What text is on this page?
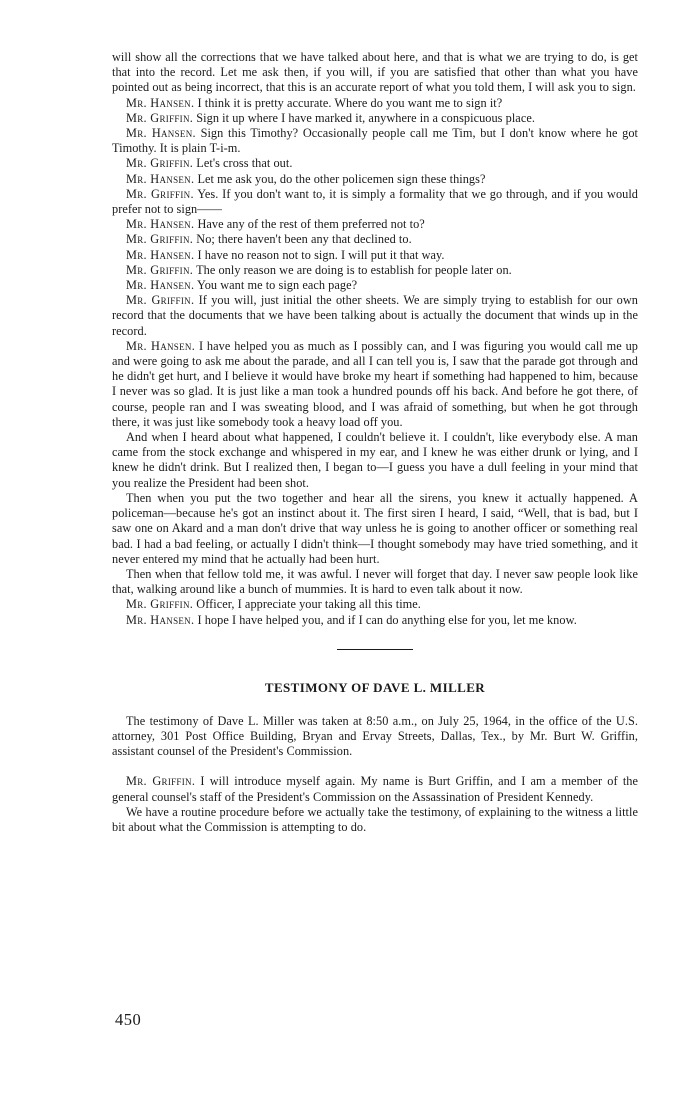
will show all the corrections that we have talked about here, and that is what we are trying to do, is get that into the record. Let me ask then, if you will, if you are satisfied that other than what you have pointed out as being incorrect, that this is an accurate report of what you told them, I will ask you to sign.

Mr. Hansen. I think it is pretty accurate. Where do you want me to sign it?

Mr. Griffin. Sign it up where I have marked it, anywhere in a conspicuous place.

Mr. Hansen. Sign this Timothy? Occasionally people call me Tim, but I don't know where he got Timothy. It is plain T-i-m.

Mr. Griffin. Let's cross that out.

Mr. Hansen. Let me ask you, do the other policemen sign these things?

Mr. Griffin. Yes. If you don't want to, it is simply a formality that we go through, and if you would prefer not to sign——

Mr. Hansen. Have any of the rest of them preferred not to?

Mr. Griffin. No; there haven't been any that declined to.

Mr. Hansen. I have no reason not to sign. I will put it that way.

Mr. Griffin. The only reason we are doing is to establish for people later on.

Mr. Hansen. You want me to sign each page?

Mr. Griffin. If you will, just initial the other sheets. We are simply trying to establish for our own record that the documents that we have been talking about is actually the document that winds up in the record.

Mr. Hansen. I have helped you as much as I possibly can, and I was figuring you would call me up and were going to ask me about the parade, and all I can tell you is, I saw that the parade got through and he didn't get hurt, and I believe it would have broke my heart if something had happened to him, because I never was so glad. It is just like a man took a hundred pounds off his back. And before he got there, of course, people ran and I was sweating blood, and I was afraid of something, but when he got through there, it was just like somebody took a heavy load off you.

And when I heard about what happened, I couldn't believe it. I couldn't, like everybody else. A man came from the stock exchange and whispered in my ear, and I knew he was either drunk or lying, and I knew he didn't drink. But I realized then, I began to—I guess you have a dull feeling in your mind that you realize the President had been shot.

Then when you put the two together and hear all the sirens, you knew it actually happened. A policeman—because he's got an instinct about it. The first siren I heard, I said, “Well, that is bad, but I saw one on Akard and a man don't drive that way unless he is going to another officer or something real bad. I had a bad feeling, or actually I didn't think—I thought somebody may have tried something, and it never entered my mind that he actually had been hurt.

Then when that fellow told me, it was awful. I never will forget that day. I never saw people look like that, walking around like a bunch of mummies. It is hard to even talk about it now.

Mr. Griffin. Officer, I appreciate your taking all this time.

Mr. Hansen. I hope I have helped you, and if I can do anything else for you, let me know.

TESTIMONY OF DAVE L. MILLER

The testimony of Dave L. Miller was taken at 8:50 a.m., on July 25, 1964, in the office of the U.S. attorney, 301 Post Office Building, Bryan and Ervay Streets, Dallas, Tex., by Mr. Burt W. Griffin, assistant counsel of the President's Commission.

Mr. Griffin. I will introduce myself again. My name is Burt Griffin, and I am a member of the general counsel's staff of the President's Commission on the Assassination of President Kennedy.

We have a routine procedure before we actually take the testimony, of explaining to the witness a little bit about what the Commission is attempting to do.

450
